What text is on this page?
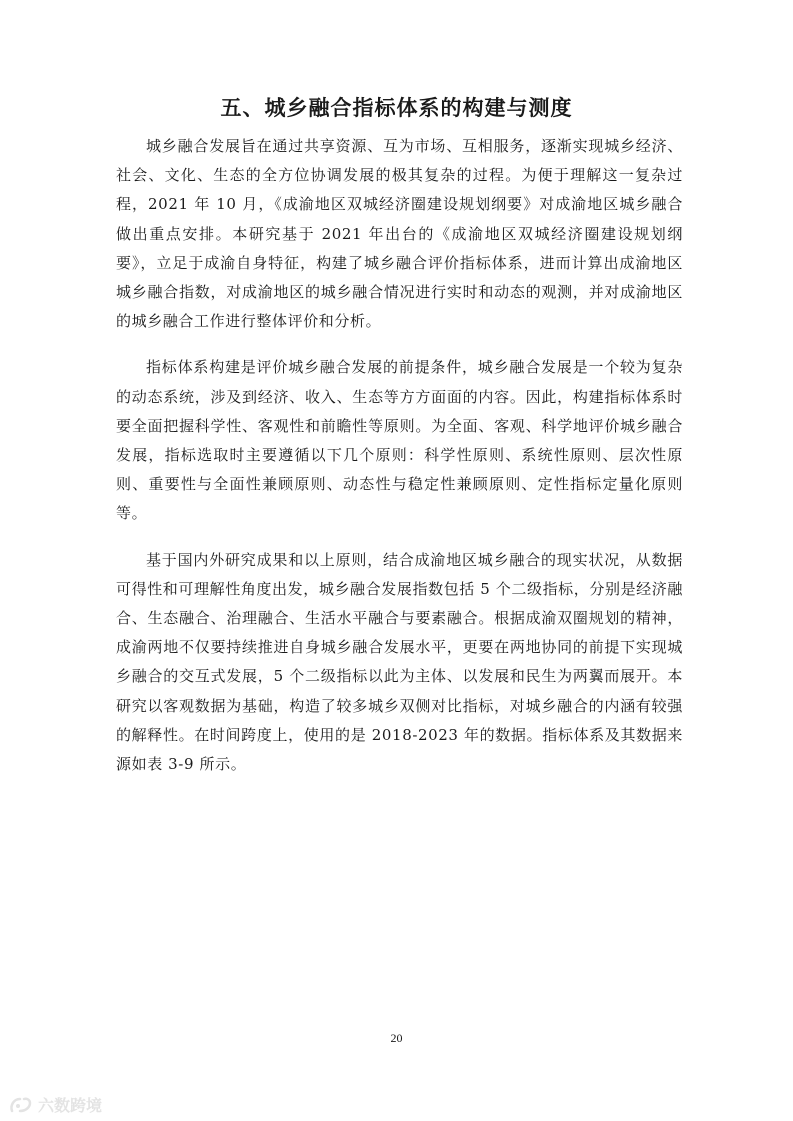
五、城乡融合指标体系的构建与测度

城乡融合发展旨在通过共享资源、互为市场、互相服务，逐渐实现城乡经济、社会、文化、生态的全方位协调发展的极其复杂的过程。为便于理解这一复杂过程，2021 年 10 月，《成渝地区双城经济圈建设规划纲要》对成渝地区城乡融合做出重点安排。本研究基于 2021 年出台的《成渝地区双城经济圈建设规划纲要》，立足于成渝自身特征，构建了城乡融合评价指标体系，进而计算出成渝地区城乡融合指数，对成渝地区的城乡融合情况进行实时和动态的观测，并对成渝地区的城乡融合工作进行整体评价和分析。

指标体系构建是评价城乡融合发展的前提条件，城乡融合发展是一个较为复杂的动态系统，涉及到经济、收入、生态等方方面面的内容。因此，构建指标体系时要全面把握科学性、客观性和前瞻性等原则。为全面、客观、科学地评价城乡融合发展，指标选取时主要遵循以下几个原则：科学性原则、系统性原则、层次性原则、重要性与全面性兼顾原则、动态性与稳定性兼顾原则、定性指标定量化原则等。

基于国内外研究成果和以上原则，结合成渝地区城乡融合的现实状况，从数据可得性和可理解性角度出发，城乡融合发展指数包括 5 个二级指标，分别是经济融合、生态融合、治理融合、生活水平融合与要素融合。根据成渝双圈规划的精神，成渝两地不仅要持续推进自身城乡融合发展水平，更要在两地协同的前提下实现城乡融合的交互式发展，5 个二级指标以此为主体、以发展和民生为两翼而展开。本研究以客观数据为基础，构造了较多城乡双侧对比指标，对城乡融合的内涵有较强的解释性。在时间跨度上，使用的是 2018-2023 年的数据。指标体系及其数据来源如表 3-9 所示。

20
六数跨境
